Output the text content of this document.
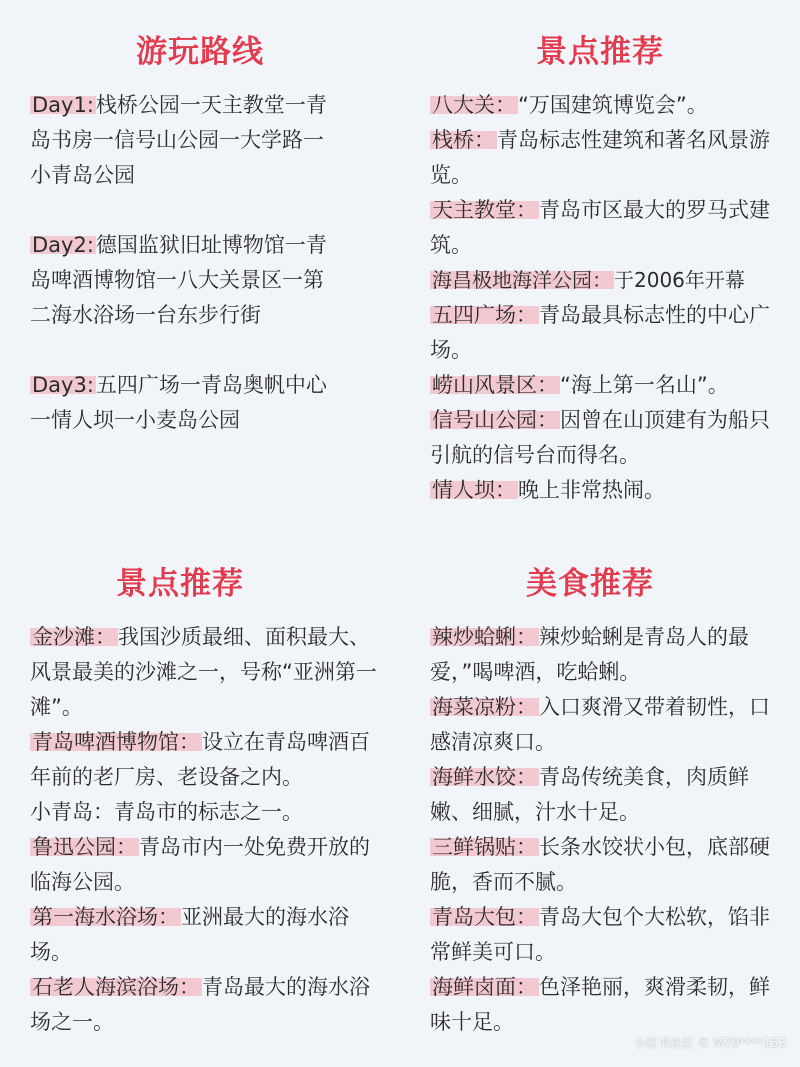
游玩路线

Day1:栈桥公园一天主教堂一青岛书房一信号山公园一大学路一小青岛公园

Day2:德国监狱旧址博物馆一青岛啤酒博物馆一八大关景区一第二海水浴场一台东步行街

Day3:五四广场一青岛奥帆中心一情人坝一小麦岛公园

景点推荐

八大关：“万国建筑博览会”。

栈桥：青岛标志性建筑和著名风景游览。

天主教堂：青岛市区最大的罗马式建筑。

海昌极地海洋公园： 于2006年开幕

五四广场：青岛最具标志性的中心广场。

崂山风景区：“海上第一名山”。

信号山公园：因曾在山顶建有为船只引航的信号台而得名。

情人坝：晚上非常热闹。

景点推荐

金沙滩：我国沙质最细、面积最大、风景最美的沙滩之一，号称“亚洲第一滩”。

青岛啤酒博物馆：设立在青岛啤酒百年前的老厂房、老设备之内。

小青岛：青岛市的标志之一。

鲁迅公园：青岛市内一处免费开放的临海公园。

第一海水浴场：亚洲最大的海水浴场。

石老人海滨浴场：青岛最大的海水浴场之一。

美食推荐

辣炒蛤蜊：辣炒蛤蜊是青岛人的最爱，”喝啤酒，吃蛤蜊。

海菜凉粉：入口爽滑又带着韧性，口感清凉爽口。

海鲜水饺：青岛传统美食，肉质鲜嫩、细腻，汁水十足。

三鲜锅贴：长条水饺状小包，底部硬脆，香而不腻。

青岛大包：青岛大包个大松软，馅非常鲜美可口。

海鲜卤面：色泽艳丽，爽滑柔韧，鲜味十足。

小红书社区 © M70****153
